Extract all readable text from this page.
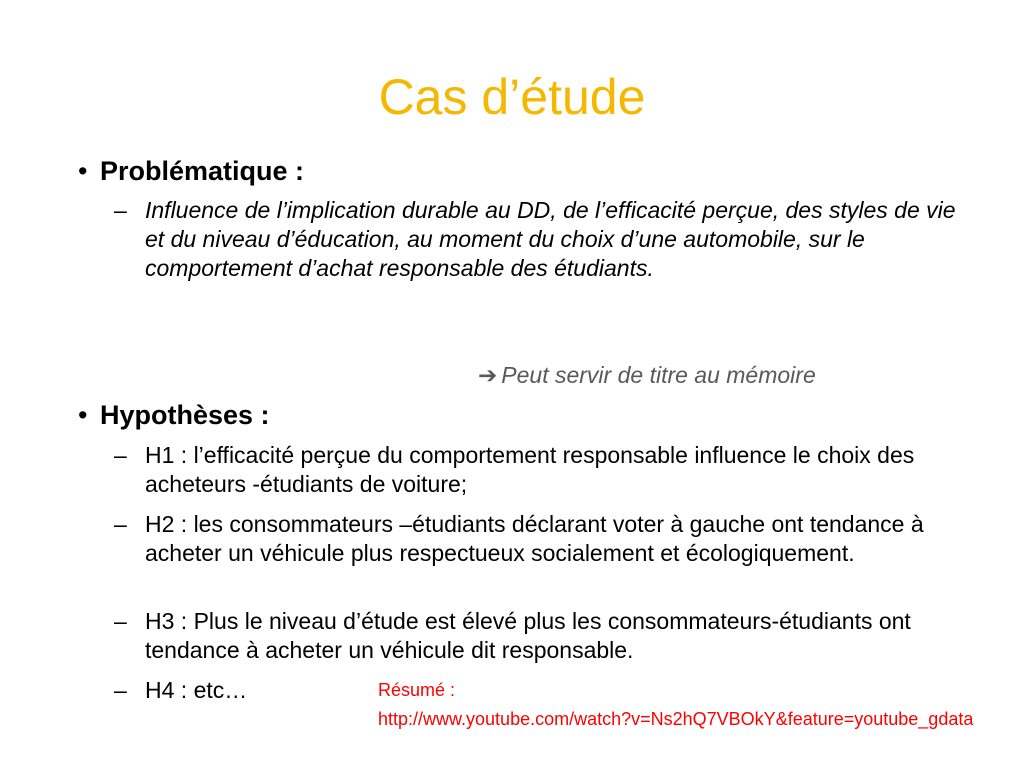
Cas d’étude
• Problématique :
– Influence de l’implication durable au DD, de l’efficacité perçue, des styles de vie et du niveau d’éducation, au moment du choix d’une automobile, sur le comportement d’achat responsable des étudiants.
➔ Peut servir de titre au mémoire
• Hypothèses :
– H1 : l’efficacité perçue du comportement responsable influence le choix des acheteurs -étudiants de voiture;
– H2 : les consommateurs –étudiants déclarant voter à gauche ont tendance à acheter un véhicule plus respectueux socialement et écologiquement.
– H3 : Plus le niveau d’étude est élevé plus les consommateurs-étudiants ont tendance à acheter un véhicule dit responsable.
– H4 : etc…	Résumé :
http://www.youtube.com/watch?v=Ns2hQ7VBOkY&feature=youtube_gdata
